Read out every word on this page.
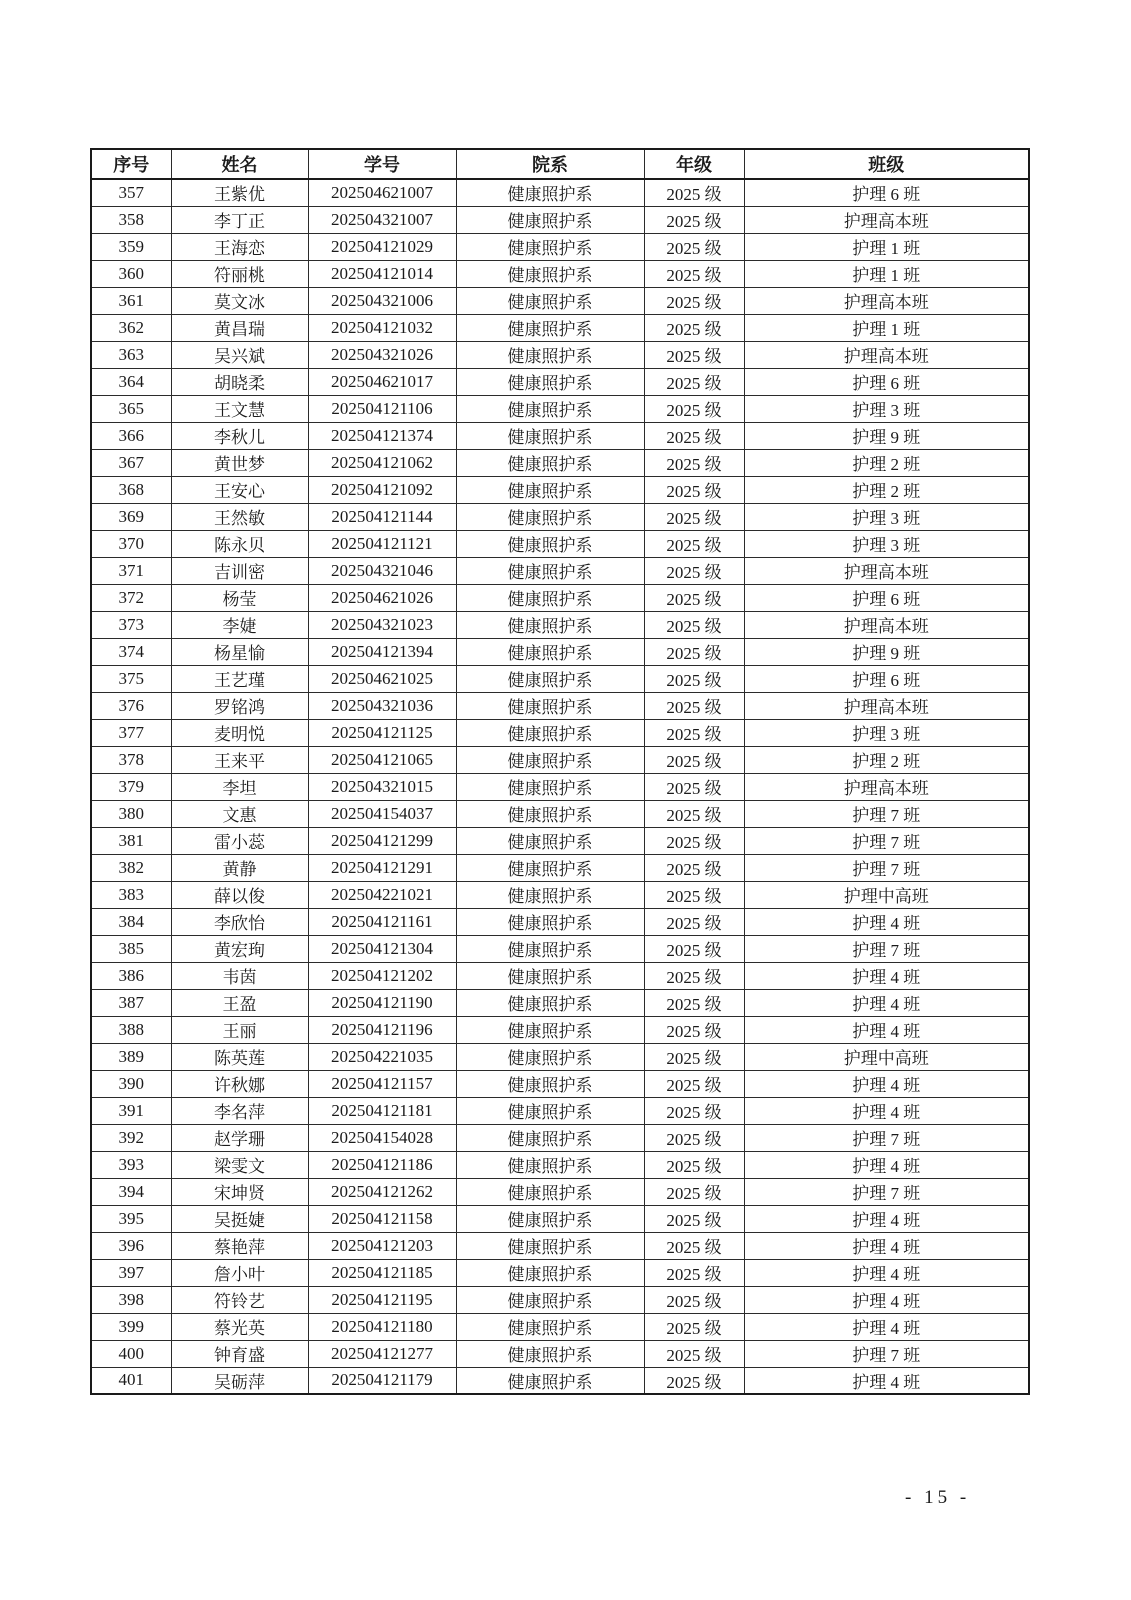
序号	姓名	学号	院系	年级	班级
357	王紫优	202504621007	健康照护系	2025 级	护理 6 班
358	李丁正	202504321007	健康照护系	2025 级	护理高本班
359	王海恋	202504121029	健康照护系	2025 级	护理 1 班
360	符丽桃	202504121014	健康照护系	2025 级	护理 1 班
361	莫文冰	202504321006	健康照护系	2025 级	护理高本班
362	黄昌瑞	202504121032	健康照护系	2025 级	护理 1 班
363	吴兴斌	202504321026	健康照护系	2025 级	护理高本班
364	胡晓柔	202504621017	健康照护系	2025 级	护理 6 班
365	王文慧	202504121106	健康照护系	2025 级	护理 3 班
366	李秋儿	202504121374	健康照护系	2025 级	护理 9 班
367	黄世梦	202504121062	健康照护系	2025 级	护理 2 班
368	王安心	202504121092	健康照护系	2025 级	护理 2 班
369	王然敏	202504121144	健康照护系	2025 级	护理 3 班
370	陈永贝	202504121121	健康照护系	2025 级	护理 3 班
371	吉训密	202504321046	健康照护系	2025 级	护理高本班
372	杨莹	202504621026	健康照护系	2025 级	护理 6 班
373	李婕	202504321023	健康照护系	2025 级	护理高本班
374	杨星愉	202504121394	健康照护系	2025 级	护理 9 班
375	王艺瑾	202504621025	健康照护系	2025 级	护理 6 班
376	罗铭鸿	202504321036	健康照护系	2025 级	护理高本班
377	麦明悦	202504121125	健康照护系	2025 级	护理 3 班
378	王来平	202504121065	健康照护系	2025 级	护理 2 班
379	李坦	202504321015	健康照护系	2025 级	护理高本班
380	文惠	202504154037	健康照护系	2025 级	护理 7 班
381	雷小蕊	202504121299	健康照护系	2025 级	护理 7 班
382	黄静	202504121291	健康照护系	2025 级	护理 7 班
383	薛以俊	202504221021	健康照护系	2025 级	护理中高班
384	李欣怡	202504121161	健康照护系	2025 级	护理 4 班
385	黄宏珣	202504121304	健康照护系	2025 级	护理 7 班
386	韦茵	202504121202	健康照护系	2025 级	护理 4 班
387	王盈	202504121190	健康照护系	2025 级	护理 4 班
388	王丽	202504121196	健康照护系	2025 级	护理 4 班
389	陈英莲	202504221035	健康照护系	2025 级	护理中高班
390	许秋娜	202504121157	健康照护系	2025 级	护理 4 班
391	李名萍	202504121181	健康照护系	2025 级	护理 4 班
392	赵学珊	202504154028	健康照护系	2025 级	护理 7 班
393	梁雯文	202504121186	健康照护系	2025 级	护理 4 班
394	宋坤贤	202504121262	健康照护系	2025 级	护理 7 班
395	吴挺婕	202504121158	健康照护系	2025 级	护理 4 班
396	蔡艳萍	202504121203	健康照护系	2025 级	护理 4 班
397	詹小叶	202504121185	健康照护系	2025 级	护理 4 班
398	符铃艺	202504121195	健康照护系	2025 级	护理 4 班
399	蔡光英	202504121180	健康照护系	2025 级	护理 4 班
400	钟育盛	202504121277	健康照护系	2025 级	护理 7 班
401	吴砺萍	202504121179	健康照护系	2025 级	护理 4 班
- 15 -
